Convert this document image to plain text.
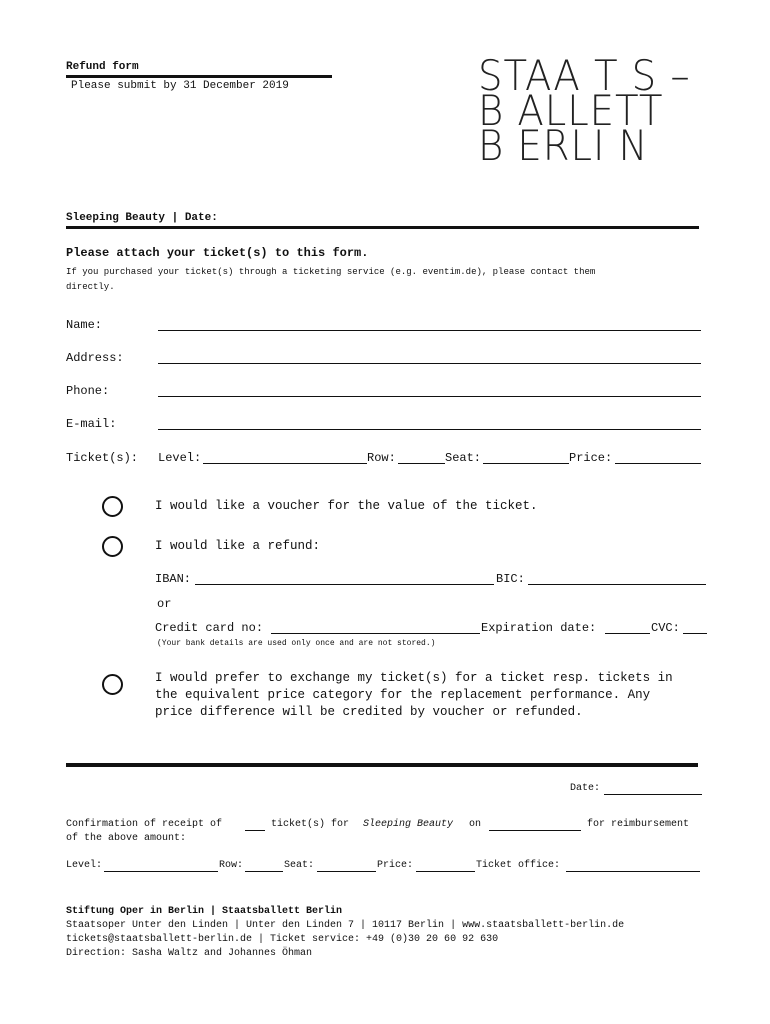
Refund form
Please submit by 31 December 2019	STAA T S –
B ALLETT
B ERLI N
Sleeping Beauty | Date:
Please attach your ticket(s) to this form.
If you purchased your ticket(s) through a ticketing service (e.g. eventim.de), please contact them
directly.
Name:
Address:
Phone:
E-mail:
Ticket(s): Level:	Row:	Seat:	Price:
I would like a voucher for the value of the ticket.
I would like a refund:
IBAN:	BIC:
or
Credit card no:	Expiration date:	CVC:
(Your bank details are used only once and are not stored.)
I would prefer to exchange my ticket(s) for a ticket resp. tickets in
the equivalent price category for the replacement performance. Any
price difference will be credited by voucher or refunded.
Date:
Confirmation of receipt of	ticket(s) for Sleeping Beauty on	for reimbursement
of the above amount:
Level:	Row:	Seat:	Price:	Ticket office:
Stiftung Oper in Berlin | Staatsballett Berlin
Staatsoper Unter den Linden | Unter den Linden 7 | 10117 Berlin | www.staatsballett-berlin.de
tickets@staatsballett-berlin.de | Ticket service: +49 (0)30 20 60 92 630
Direction: Sasha Waltz and Johannes Öhman
